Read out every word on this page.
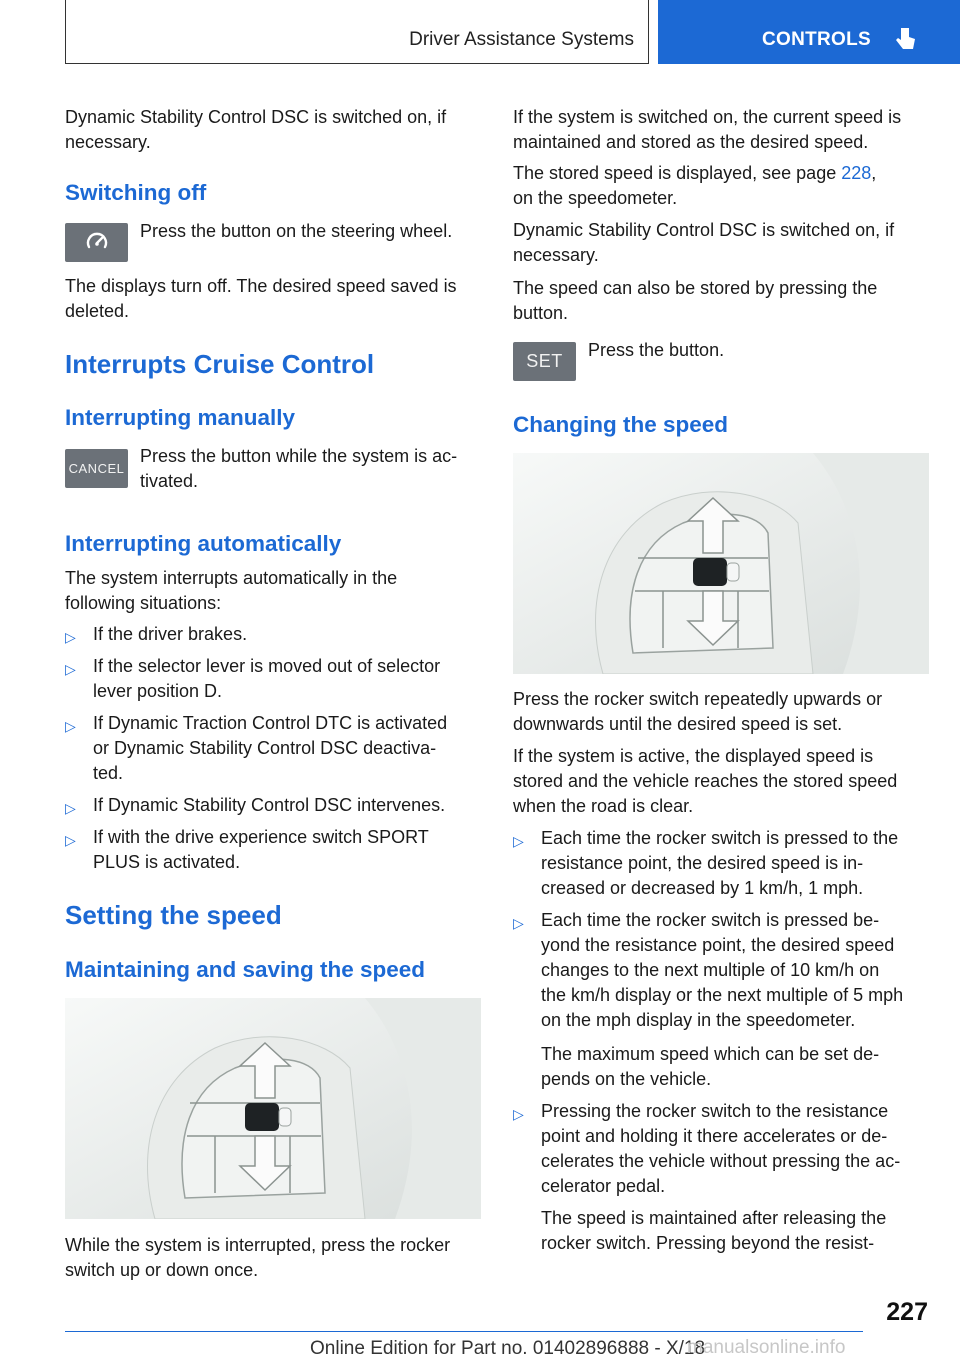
Driver Assistance Systems	CONTROLS

Dynamic Stability Control DSC is switched on, if

necessary.

Switching off

Press the button on the steering wheel.

The displays turn off. The desired speed saved is

deleted.

Interrupts Cruise Control
Interrupting manually
CANCEL

Press the button while the system is ac‐

tivated.

Interrupting automatically

The system interrupts automatically in the

following situations:

▷ If the driver brakes.
▷ If the selector lever is moved out of selector
lever position D.
▷ If Dynamic Traction Control DTC is activated
or Dynamic Stability Control DSC deactiva‐
ted.
▷ If Dynamic Stability Control DSC intervenes.
▷ If with the drive experience switch SPORT
PLUS is activated.
Setting the speed
Maintaining and saving the speed

While the system is interrupted, press the rocker

switch up or down once.

If the system is switched on, the current speed is

maintained and stored as the desired speed.

The stored speed is displayed, see page 228,

on the speedometer.

Dynamic Stability Control DSC is switched on, if

necessary.

The speed can also be stored by pressing the

button.

SET

Press the button.

Changing the speed

Press the rocker switch repeatedly upwards or

downwards until the desired speed is set.

If the system is active, the displayed speed is

stored and the vehicle reaches the stored speed

when the road is clear.

▷ Each time the rocker switch is pressed to the
resistance point, the desired speed is in‐
creased or decreased by 1 km/h, 1 mph.
▷ Each time the rocker switch is pressed be‐
yond the resistance point, the desired speed
changes to the next multiple of 10 km/h on
the km/h display or the next multiple of 5 mph
on the mph display in the speedometer.
The maximum speed which can be set de‐
pends on the vehicle.
▷ Pressing the rocker switch to the resistance
point and holding it there accelerates or de‐
celerates the vehicle without pressing the ac‐
celerator pedal.
The speed is maintained after releasing the
rocker switch. Pressing beyond the resist‐
227
Online Edition for Part no. 01402896888 - X/18
manualsonline.info
